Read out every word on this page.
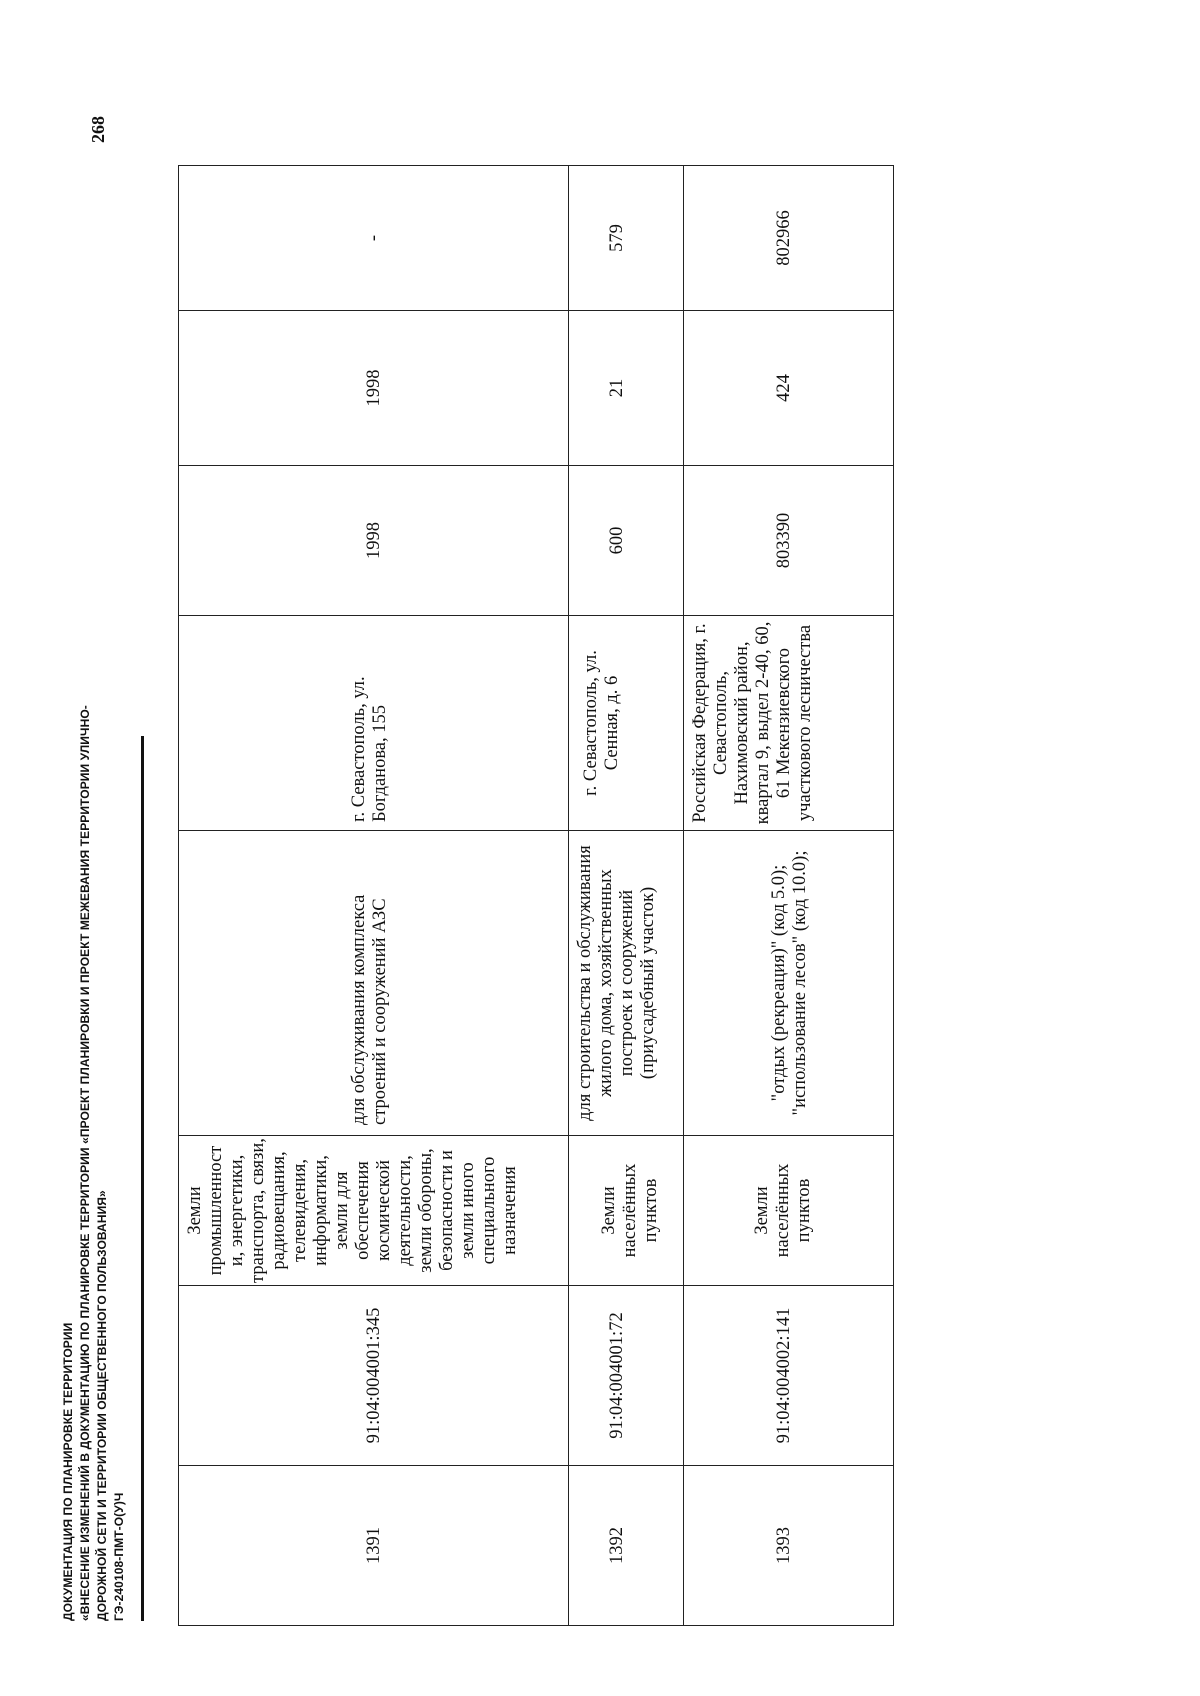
268
ДОКУМЕНТАЦИЯ ПО ПЛАНИРОВКЕ ТЕРРИТОРИИ «ВНЕСЕНИЕ ИЗМЕНЕНИЙ В ДОКУМЕНТАЦИЮ ПО ПЛАНИРОВКЕ ТЕРРИТОРИИ «ПРОЕКТ ПЛАНИРОВКИ И ПРОЕКТ МЕЖЕВАНИЯ ТЕРРИТОРИИ УЛИЧНО- ДОРОЖНОЙ СЕТИ И ТЕРРИТОРИИ ОБЩЕСТВЕННОГО ПОЛЬЗОВАНИЯ» ГЭ-240108-ПМТ-О(У)Ч	1391	91:04:004001:345	Земли промышленност и, энергетики, транспорта, связи, радиовещания, телевидения, информатики, земли для обеспечения космической деятельности, земли обороны, безопасности и земли иного специального назначения	для обслуживания комплекса строений и сооружений АЗС	г. Севастополь, ул. Богданова, 155	1998	1998	-
1392	91:04:004001:72	Земли населённых пунктов	для строительства и обслуживания жилого дома, хозяйственных построек и сооружений (приусадебный участок)	г. Севастополь, ул. Сенная, д. 6	600	21	579
1393	91:04:004002:141	Земли населённых пунктов	"отдых (рекреация)" (код 5.0); "использование лесов" (код 10.0);	Российская Федерация, г. Севастополь, Нахимовский район, квартал 9, выдел 2-40, 60, 61 Мекензиевского участкового лесничества	803390	424	802966
